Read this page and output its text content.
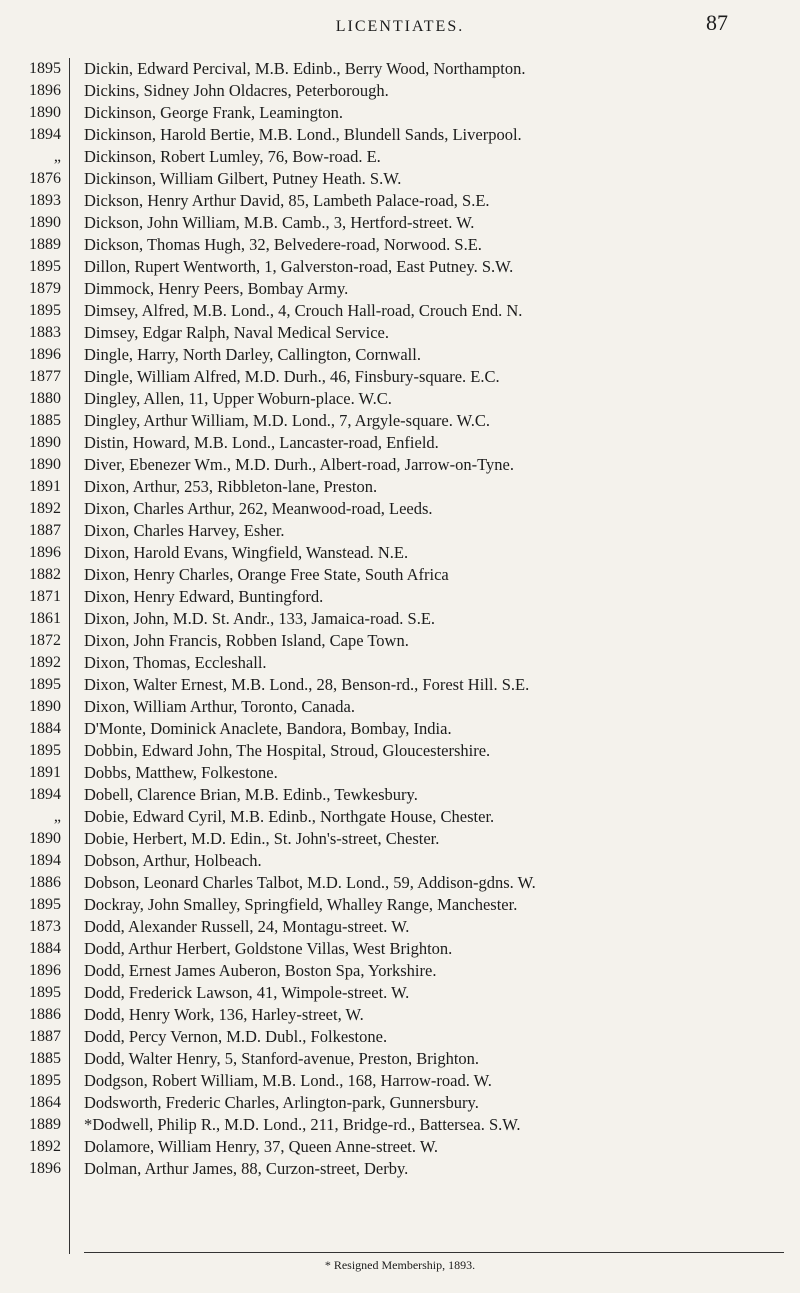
LICENTIATES.	87
1895
1896
1890
1894
„
1876
1893
1890
1889
1895
1879
1895
1883
1896
1877
1880
1885
1890
1890
1891
1892
1887
1896
1882
1871
1861
1872
1892
1895
1890
1884
1895
1891
1894
„
1890
1894
1886
1895
1873
1884
1896
1895
1886
1887
1885
1895
1864
1889
1892
1896
Dickin, Edward Percival, M.B. Edinb., Berry Wood, Northampton.
Dickins, Sidney John Oldacres, Peterborough.
Dickinson, George Frank, Leamington.
Dickinson, Harold Bertie, M.B. Lond., Blundell Sands, Liverpool.
Dickinson, Robert Lumley, 76, Bow-road. E.
Dickinson, William Gilbert, Putney Heath. S.W.
Dickson, Henry Arthur David, 85, Lambeth Palace-road, S.E.
Dickson, John William, M.B. Camb., 3, Hertford-street. W.
Dickson, Thomas Hugh, 32, Belvedere-road, Norwood. S.E.
Dillon, Rupert Wentworth, 1, Galverston-road, East Putney. S.W.
Dimmock, Henry Peers, Bombay Army.
Dimsey, Alfred, M.B. Lond., 4, Crouch Hall-road, Crouch End. N.
Dimsey, Edgar Ralph, Naval Medical Service.
Dingle, Harry, North Darley, Callington, Cornwall.
Dingle, William Alfred, M.D. Durh., 46, Finsbury-square. E.C.
Dingley, Allen, 11, Upper Woburn-place. W.C.
Dingley, Arthur William, M.D. Lond., 7, Argyle-square. W.C.
Distin, Howard, M.B. Lond., Lancaster-road, Enfield.
Diver, Ebenezer Wm., M.D. Durh., Albert-road, Jarrow-on-Tyne.
Dixon, Arthur, 253, Ribbleton-lane, Preston.
Dixon, Charles Arthur, 262, Meanwood-road, Leeds.
Dixon, Charles Harvey, Esher.
Dixon, Harold Evans, Wingfield, Wanstead. N.E.
Dixon, Henry Charles, Orange Free State, South Africa
Dixon, Henry Edward, Buntingford.
Dixon, John, M.D. St. Andr., 133, Jamaica-road. S.E.
Dixon, John Francis, Robben Island, Cape Town.
Dixon, Thomas, Eccleshall.
Dixon, Walter Ernest, M.B. Lond., 28, Benson-rd., Forest Hill. S.E.
Dixon, William Arthur, Toronto, Canada.
D'Monte, Dominick Anaclete, Bandora, Bombay, India.
Dobbin, Edward John, The Hospital, Stroud, Gloucestershire.
Dobbs, Matthew, Folkestone.
Dobell, Clarence Brian, M.B. Edinb., Tewkesbury.
Dobie, Edward Cyril, M.B. Edinb., Northgate House, Chester.
Dobie, Herbert, M.D. Edin., St. John's-street, Chester.
Dobson, Arthur, Holbeach.
Dobson, Leonard Charles Talbot, M.D. Lond., 59, Addison-gdns. W.
Dockray, John Smalley, Springfield, Whalley Range, Manchester.
Dodd, Alexander Russell, 24, Montagu-street. W.
Dodd, Arthur Herbert, Goldstone Villas, West Brighton.
Dodd, Ernest James Auberon, Boston Spa, Yorkshire.
Dodd, Frederick Lawson, 41, Wimpole-street. W.
Dodd, Henry Work, 136, Harley-street, W.
Dodd, Percy Vernon, M.D. Dubl., Folkestone.
Dodd, Walter Henry, 5, Stanford-avenue, Preston, Brighton.
Dodgson, Robert William, M.B. Lond., 168, Harrow-road. W.
Dodsworth, Frederic Charles, Arlington-park, Gunnersbury.
*Dodwell, Philip R., M.D. Lond., 211, Bridge-rd., Battersea. S.W.
Dolamore, William Henry, 37, Queen Anne-street. W.
Dolman, Arthur James, 88, Curzon-street, Derby.
* Resigned Membership, 1893.
